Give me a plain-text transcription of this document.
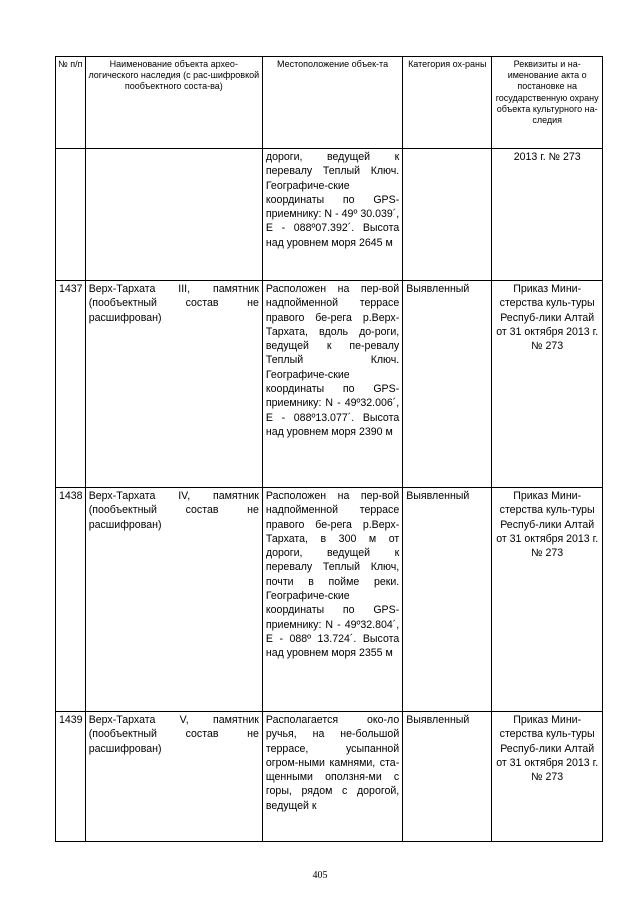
№ п/п	Наименование объекта архео-логического наследия (с рас-шифровкой пообъектного соста-ва)	Местоположение объек-та	Категория ох-раны	Реквизиты и на-именование акта о постановке на государственную охрану объекта культурного на-следия
		дороги, ведущей к перевалу Теплый Ключ. Географиче-ские координаты по GPS-приемнику: N - 49º 30.039´, E - 088º07.392´. Высота над уровнем моря 2645 м		2013 г. № 273
1437	Верх-Тархата III, памятник (пообъектный состав не расшифрован)	Расположен на пер-вой надпойменной террасе правого бе-рега р.Верх-Тархата, вдоль до-роги, ведущей к пе-ревалу Теплый Ключ. Географиче-ские координаты по GPS-приемнику: N - 49º32.006´, E - 088º13.077´. Высота над уровнем моря 2390 м	Выявленный	Приказ Мини-стерства куль-туры Респуб-лики Алтай от 31 октября 2013 г. № 273
1438	Верх-Тархата IV, памятник (пообъектный состав не расшифрован)	Расположен на пер-вой надпойменной террасе правого бе-рега р.Верх-Тархата, в 300 м от дороги, ведущей к перевалу Теплый Ключ, почти в пойме реки. Географиче-ские координаты по GPS-приемнику: N - 49º32.804´, E - 088º 13.724´. Высота над уровнем моря 2355 м	Выявленный	Приказ Мини-стерства куль-туры Респуб-лики Алтай от 31 октября 2013 г. № 273
1439	Верх-Тархата V, памятник (пообъектный состав не расшифрован)	Располагается око-ло ручья, на не-большой террасе, усыпанной огром-ными камнями, ста-щенными оползня-ми с горы, рядом с дорогой, ведущей к	Выявленный	Приказ Мини-стерства куль-туры Респуб-лики Алтай от 31 октября 2013 г. № 273
405
